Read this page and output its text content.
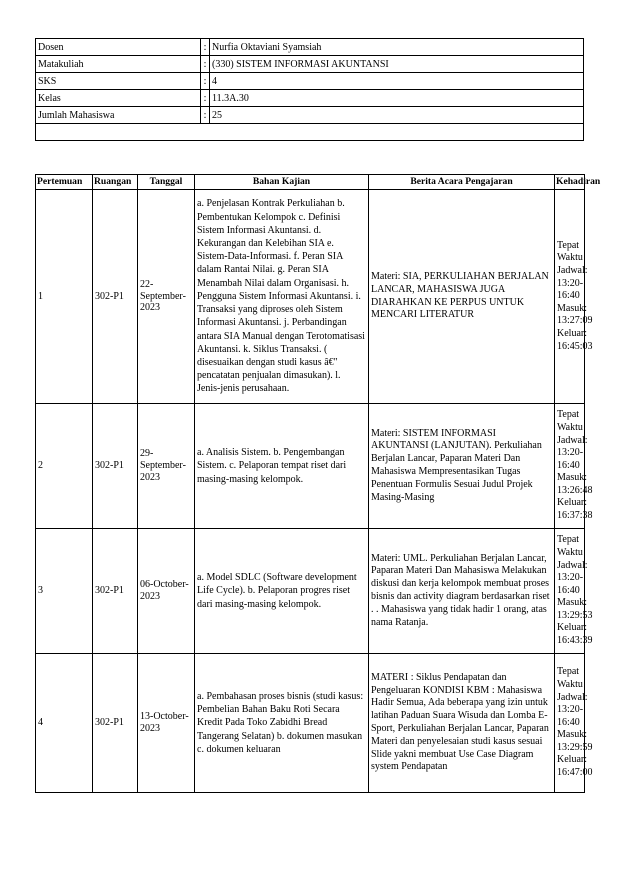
Dosen	:	Nurfia Oktaviani Syamsiah
Matakuliah	:	(330) SISTEM INFORMASI AKUNTANSI
SKS	:	4
Kelas	:	11.3A.30
Jumlah Mahasiswa	:	25

Pertemuan	Ruangan	Tanggal	Bahan Kajian	Berita Acara Pengajaran	Kehadiran
1	302-P1	22-September-2023	a. Penjelasan Kontrak Perkuliahan b. Pembentukan Kelompok c. Definisi Sistem Informasi Akuntansi. d. Kekurangan dan Kelebihan SIA e. Sistem-Data-Informasi. f. Peran SIA dalam Rantai Nilai. g. Peran SIA Menambah Nilai dalam Organisasi. h. Pengguna Sistem Informasi Akuntansi. i. Transaksi yang diproses oleh Sistem Informasi Akuntansi. j. Perbandingan antara SIA Manual dengan Terotomatisasi Akuntansi. k. Siklus Transaksi. ( disesuaikan dengan studi kasus â€" pencatatan penjualan dimasukan). l. Jenis-jenis perusahaan.	Materi: SIA, PERKULIAHAN BERJALAN LANCAR, MAHASISWA JUGA DIARAHKAN KE PERPUS UNTUK MENCARI LITERATUR	Tepat Waktu Jadwal: 13:20-16:40 Masuk: 13:27:09 Keluar: 16:45:03
2	302-P1	29-September-2023	a. Analisis Sistem. b. Pengembangan Sistem. c. Pelaporan tempat riset dari masing-masing kelompok.	Materi: SISTEM INFORMASI AKUNTANSI (LANJUTAN). Perkuliahan Berjalan Lancar, Paparan Materi Dan Mahasiswa Mempresentasikan Tugas Penentuan Formulis Sesuai Judul Projek Masing-Masing	Tepat Waktu Jadwal: 13:20-16:40 Masuk: 13:26:48 Keluar: 16:37:38
3	302-P1	06-October-2023	a. Model SDLC (Software development Life Cycle). b. Pelaporan progres riset dari masing-masing kelompok.	Materi: UML. Perkuliahan Berjalan Lancar, Paparan Materi Dan Mahasiswa Melakukan diskusi dan kerja kelompok membuat proses bisnis dan activity diagram berdasarkan riset . . Mahasiswa yang tidak hadir 1 orang, atas nama Ratanja.	Tepat Waktu Jadwal: 13:20-16:40 Masuk: 13:29:53 Keluar: 16:43:39
4	302-P1	13-October-2023	a. Pembahasan proses bisnis (studi kasus: Pembelian Bahan Baku Roti Secara Kredit Pada Toko Zabidhi Bread Tangerang Selatan) b. dokumen masukan c. dokumen keluaran	MATERI : Siklus Pendapatan dan Pengeluaran KONDISI KBM : Mahasiswa Hadir Semua, Ada beberapa yang izin untuk latihan Paduan Suara Wisuda dan Lomba E-Sport, Perkuliahan Berjalan Lancar, Paparan Materi dan penyelesaian studi kasus sesuai Slide yakni membuat Use Case Diagram system Pendapatan	Tepat Waktu Jadwal: 13:20-16:40 Masuk: 13:29:59 Keluar: 16:47:00
